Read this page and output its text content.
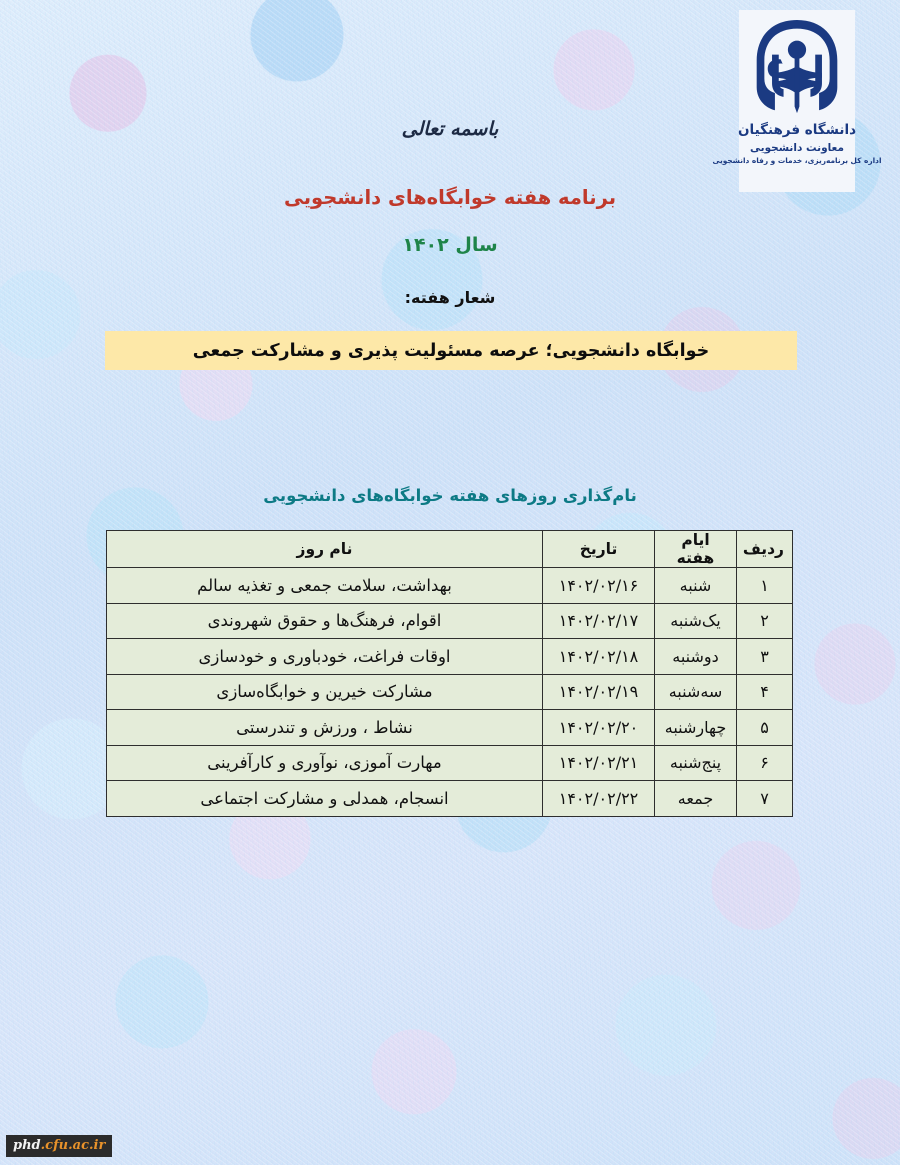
دانشگاه فرهنگیان
معاونت دانشجویی
اداره کل برنامه‌ریزی، خدمات و رفاه دانشجویی
باسمه تعالی
برنامه هفته خوابگاه‌های دانشجویی
سال ۱۴۰۲
شعار هفته:
خوابگاه دانشجویی؛ عرصه مسئولیت پذیری و مشارکت جمعی
نام‌گذاری روزهای هفته خوابگاه‌های دانشجویی
ردیف	ایام هفته	تاریخ	نام روز
۱	شنبه	۱۴۰۲/۰۲/۱۶	بهداشت، سلامت جمعی و تغذیه سالم
۲	یک‌شنبه	۱۴۰۲/۰۲/۱۷	اقوام، فرهنگ‌ها و حقوق شهروندی
۳	دوشنبه	۱۴۰۲/۰۲/۱۸	اوقات فراغت، خودباوری و خودسازی
۴	سه‌شنبه	۱۴۰۲/۰۲/۱۹	مشارکت خیرین و خوابگاه‌سازی
۵	چهارشنبه	۱۴۰۲/۰۲/۲۰	نشاط ، ورزش و تندرستی
۶	پنج‌شنبه	۱۴۰۲/۰۲/۲۱	مهارت آموزی، نوآوری و کارآفرینی
۷	جمعه	۱۴۰۲/۰۲/۲۲	انسجام، همدلی و مشارکت اجتماعی
phd.cfu.ac.ir
